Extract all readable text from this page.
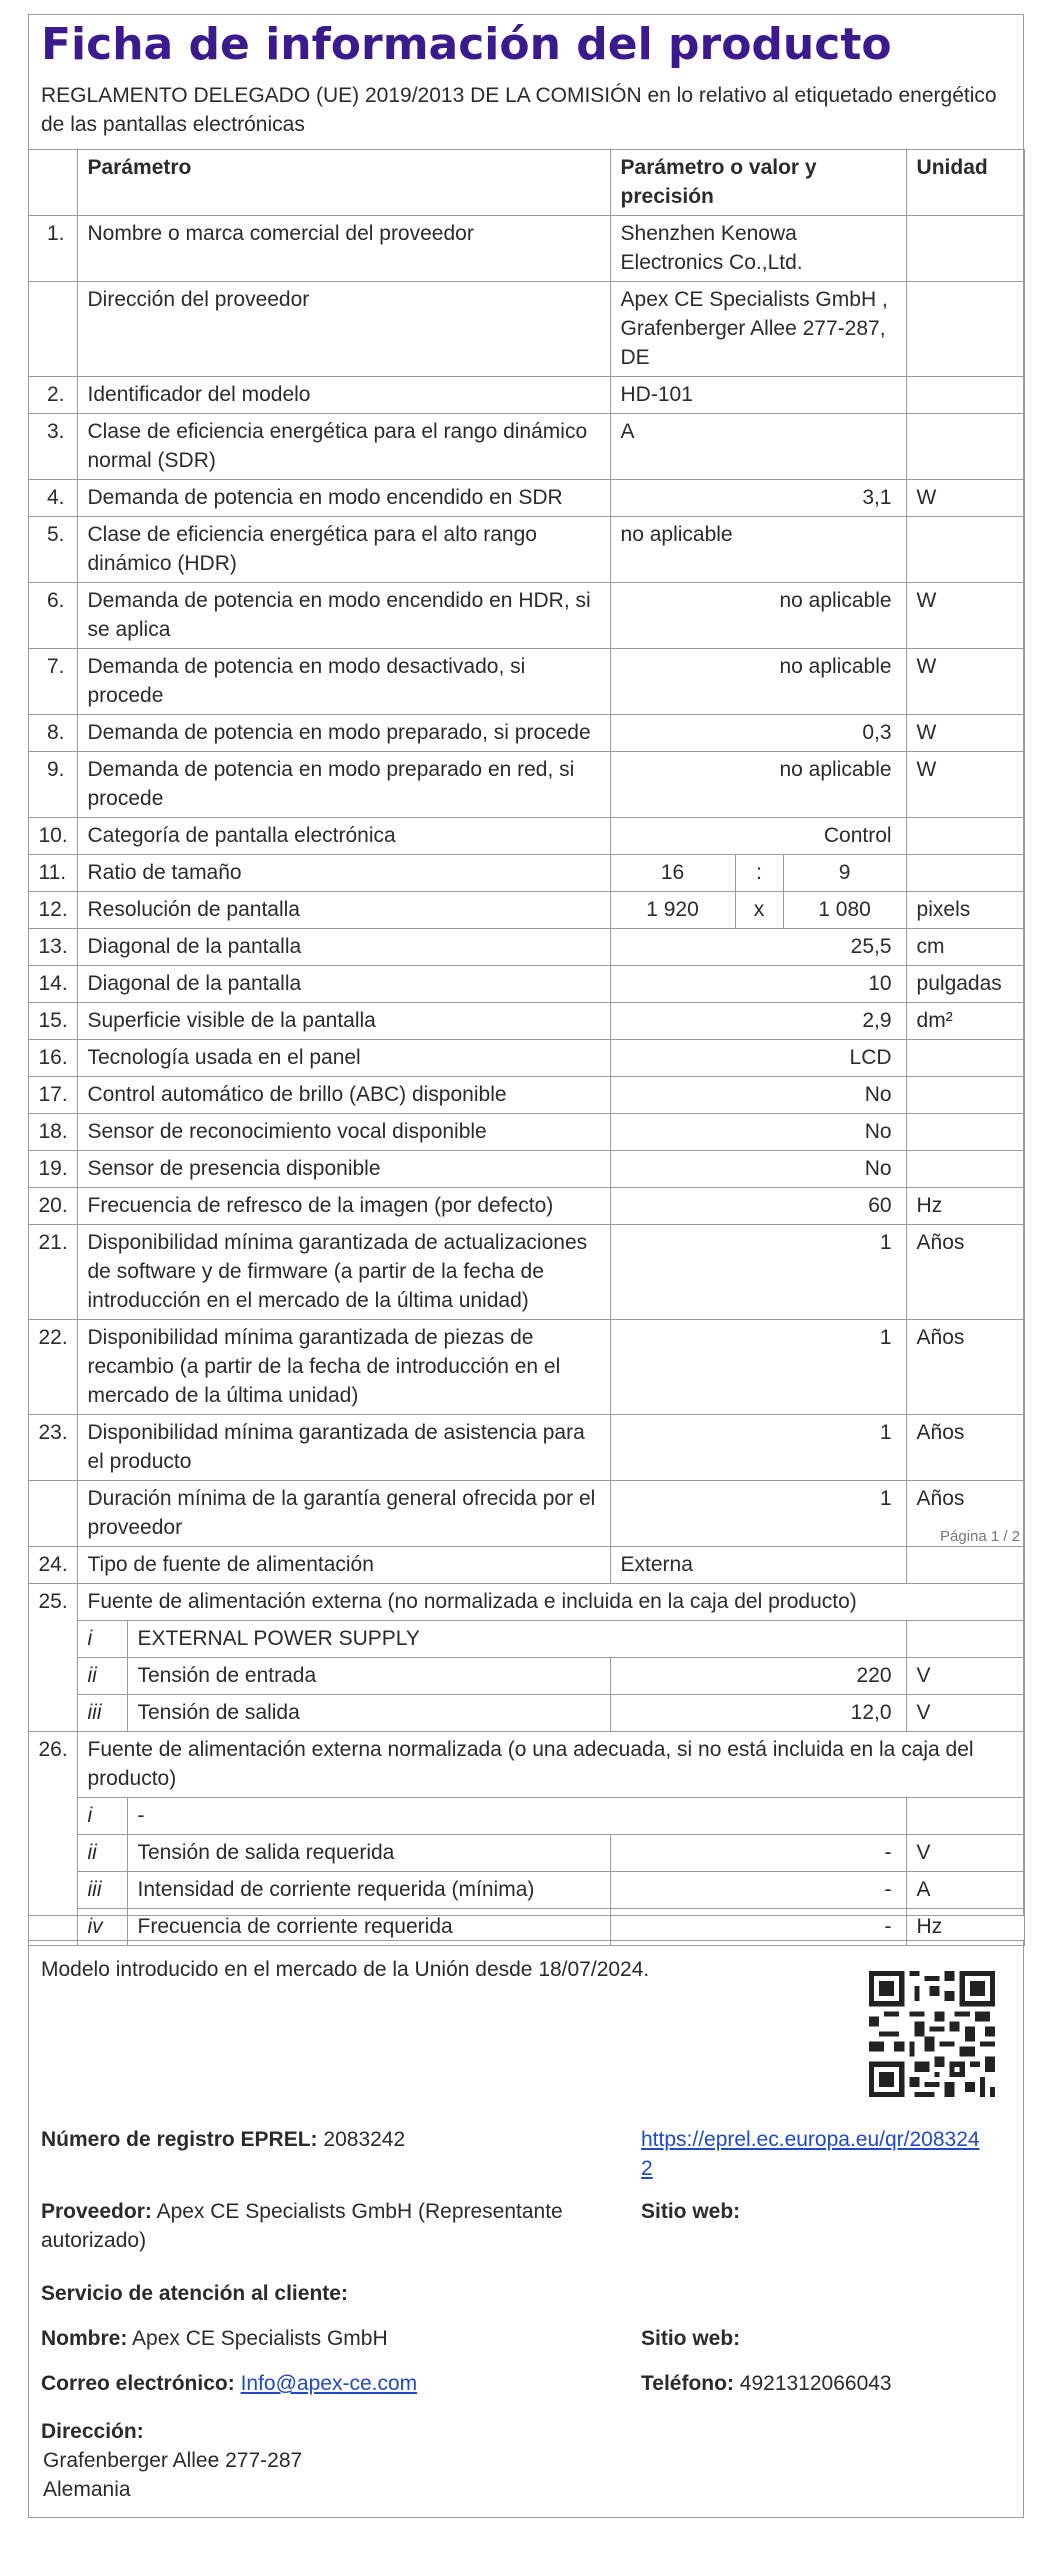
Ficha de información del producto

REGLAMENTO DELEGADO (UE) 2019/2013 DE LA COMISIÓN en lo relativo al etiquetado energético de las pantallas electrónicas

	Parámetro		Parámetro o valor y precisión			Unidad
1.	Nombre o marca comercial del proveedor		Shenzhen Kenowa Electronics Co.,Ltd.			
	Dirección del proveedor		Apex CE Specialists GmbH , Grafenberger Allee 277-287, DE			
2.	Identificador del modelo		HD-101			
3.	Clase de eficiencia energética para el rango dinámico normal (SDR)		A			
4.	Demanda de potencia en modo encendido en SDR		3,1			W
5.	Clase de eficiencia energética para el alto rango dinámico (HDR)		no aplicable			
6.	Demanda de potencia en modo encendido en HDR, si se aplica		no aplicable			W
7.	Demanda de potencia en modo desactivado, si procede		no aplicable			W
8.	Demanda de potencia en modo preparado, si procede		0,3			W
9.	Demanda de potencia en modo preparado en red, si procede		no aplicable			W
10.	Categoría de pantalla electrónica		Control			
11.	Ratio de tamaño		16	:	9	
12.	Resolución de pantalla		1 920	x	1 080	pixels
13.	Diagonal de la pantalla		25,5			cm
14.	Diagonal de la pantalla		10			pulgadas
15.	Superficie visible de la pantalla		2,9			dm²
16.	Tecnología usada en el panel		LCD			
17.	Control automático de brillo (ABC) disponible		No			
18.	Sensor de reconocimiento vocal disponible		No			
19.	Sensor de presencia disponible		No			
20.	Frecuencia de refresco de la imagen (por defecto)		60			Hz
21.	Disponibilidad mínima garantizada de actualizaciones de software y de firmware (a partir de la fecha de introducción en el mercado de la última unidad)		1			Años
22.	Disponibilidad mínima garantizada de piezas de recambio (a partir de la fecha de introducción en el mercado de la última unidad)		1			Años
23.	Disponibilidad mínima garantizada de asistencia para el producto		1			Años
	Duración mínima de la garantía general ofrecida por el proveedor		1			Años
24.	Tipo de fuente de alimentación		Externa			
25.	Fuente de alimentación externa (no normalizada e incluida en la caja del producto)					
	i	EXTERNAL POWER SUPPLY				
	ii	Tensión de entrada	220			V
	iii	Tensión de salida	12,0			V
26.	Fuente de alimentación externa normalizada (o una adecuada, si no está incluida en la caja del producto)					
	i	-				
	ii	Tensión de salida requerida	-			V
	iii	Intensidad de corriente requerida (mínima)	-			A
	iv	Frecuencia de corriente requerida	-			Hz
Página 1 / 2
Modelo introducido en el mercado de la Unión desde 18/07/2024.
Número de registro EPREL: 2083242	https://eprel.ec.europa.eu/qr/2083242
Proveedor: Apex CE Specialists GmbH (Representante autorizado)
Sitio web:
Servicio de atención al cliente:
Nombre: Apex CE Specialists GmbH	Sitio web:
Correo electrónico: Info@apex-ce.com	Teléfono: 4921312066043
Dirección:
Grafenberger Allee 277-287
Alemania
